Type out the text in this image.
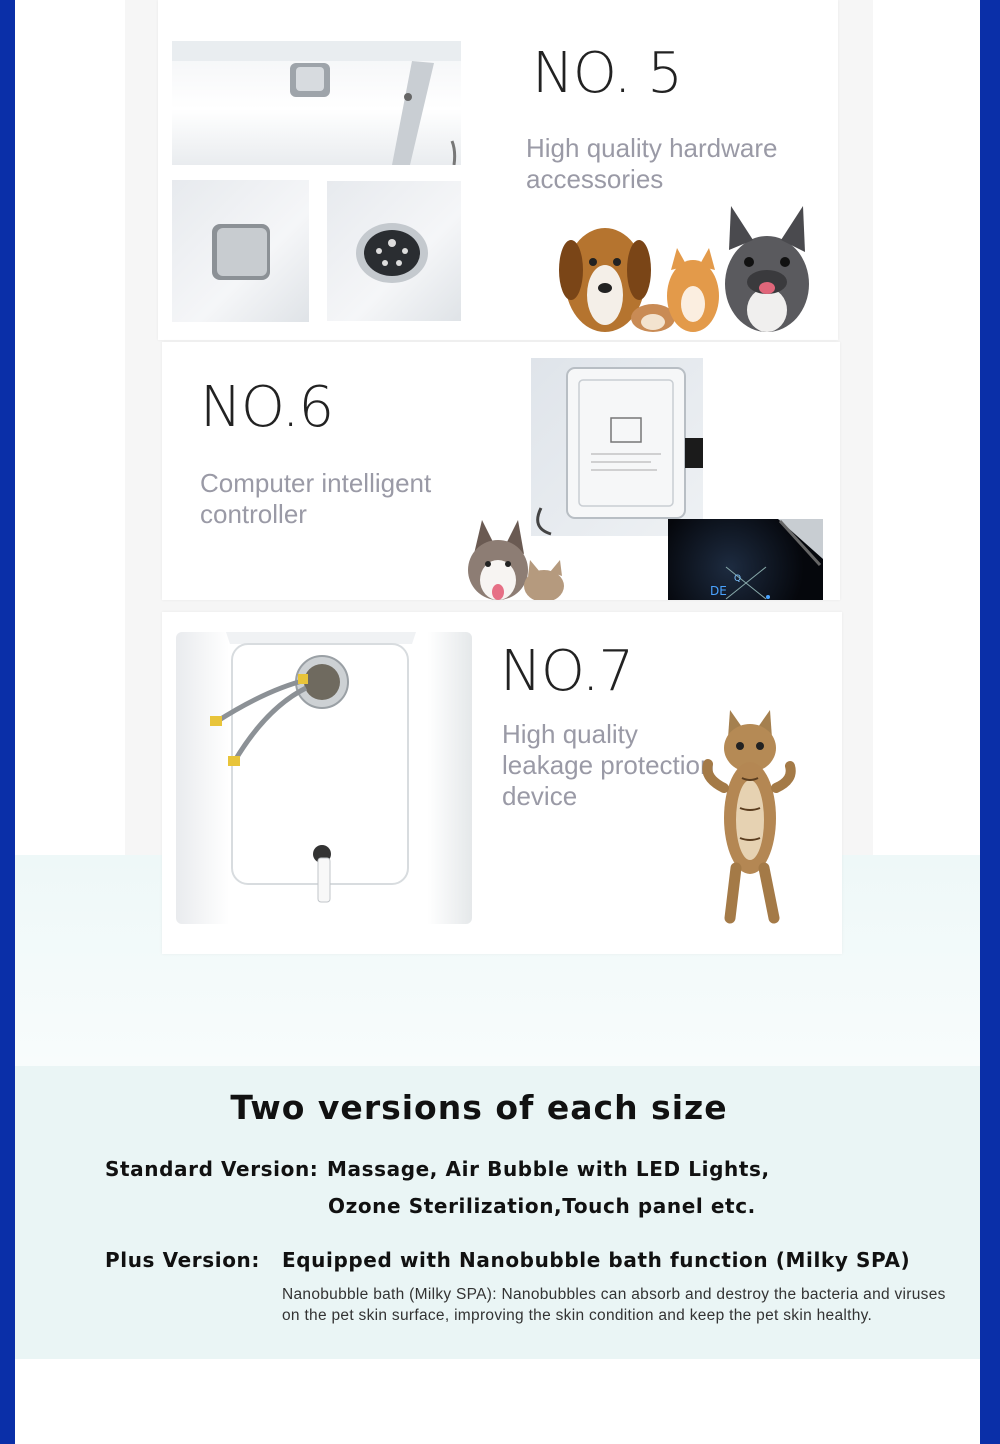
NO. 5
High quality hardware
accessories
NO.6
Computer intelligent
controller
DE
Q
NO.7
High quality
leakage protection
device
Two versions of each size
Standard Version: Massage, Air Bubble with LED Lights,
Ozone Sterilization,Touch panel etc.
Plus Version: Equipped with Nanobubble bath function (Milky SPA)
Nanobubble bath (Milky SPA): Nanobubbles can absorb and destroy the bacteria and viruses on the pet skin surface, improving the skin condition and keep the pet skin healthy.
